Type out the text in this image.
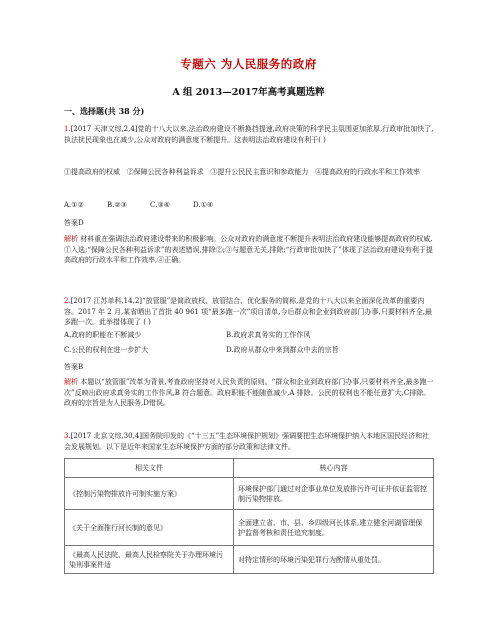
专题六 为人民服务的政府
A 组 2013—2017年高考真题选粹
一、选择题(共 38 分)
1.[2017 天津文综,2,4]党的十八大以来,法治政府建设不断换挡提速,政府决策的科学民主氛围更加浓厚,行政审批加快了,执法扰民现象也在减少,公众对政府的满意度不断提升。这表明法治政府建设有利于( )
①提高政府的权威 ②保障公民各种利益诉求 ③提升公民民主意识和参政能力 ④提高政府的行政水平和工作效率
A.①②	B.②③	C.③④	D.①④
答案D
解析 材料重在强调法治政府建设带来的积极影响。公众对政府的满意度不断提升表明法治政府建设能够提高政府的权威,①入选;“保障公民各种利益诉求”的表述错误,排除②;③与题意无关,排除;“行政审批加快了”体现了法治政府建设有利于提高政府的行政水平和工作效率,④正确。
2.[2017 江苏单科,14,2]“放管服”是简政放权、放管结合、优化服务的简称,是党的十八大以来全面深化改革的重要内容。2017 年 2 月,某省晒出了首批 40 961 项“最多跑一次”项目清单,今后群众和企业到政府部门办事,只要材料齐全,最多跑一次。此举措体现了 ( )
A.政府的职能在不断减少	B.政府求真务实的工作作风
C.公民的权利在进一步扩大	D.政府从群众中来到群众中去的宗旨
答案B
解析 本题以“放管服”改革为背景,考查政府坚持对人民负责的原则。“群众和企业到政府部门办事,只要材料齐全,最多跑一次”反映出政府求真务实的工作作风,B 符合题意。政府职能不能随意减少,A 排除。公民的权利也不能任意扩大,C排除。政府的宗旨是为人民服务,D错误。
3.[2017 北京文综,30,4]国务院印发的《“十三五”生态环境保护规划》强调要把生态环境保护纳入本地区国民经济和社会发展规划。以下是近年来国家生态环境保护方面的部分政策和法律文件。
相关文件	核心内容
《控制污染物排放许可制实施方案》	环境保护部门通过对企事业单位发放排污许可证并依证监管控制污染物排放。
《关于全面推行河长制的意见》	全面建立省、市、县、乡四级河长体系,建立健全河湖管理保护监督考核和责任追究制度。
《最高人民法院、最高人民检察院关于办理环境污染刑事案件适	对特定情形的环境污染犯罪行为酌情从重处罚。
